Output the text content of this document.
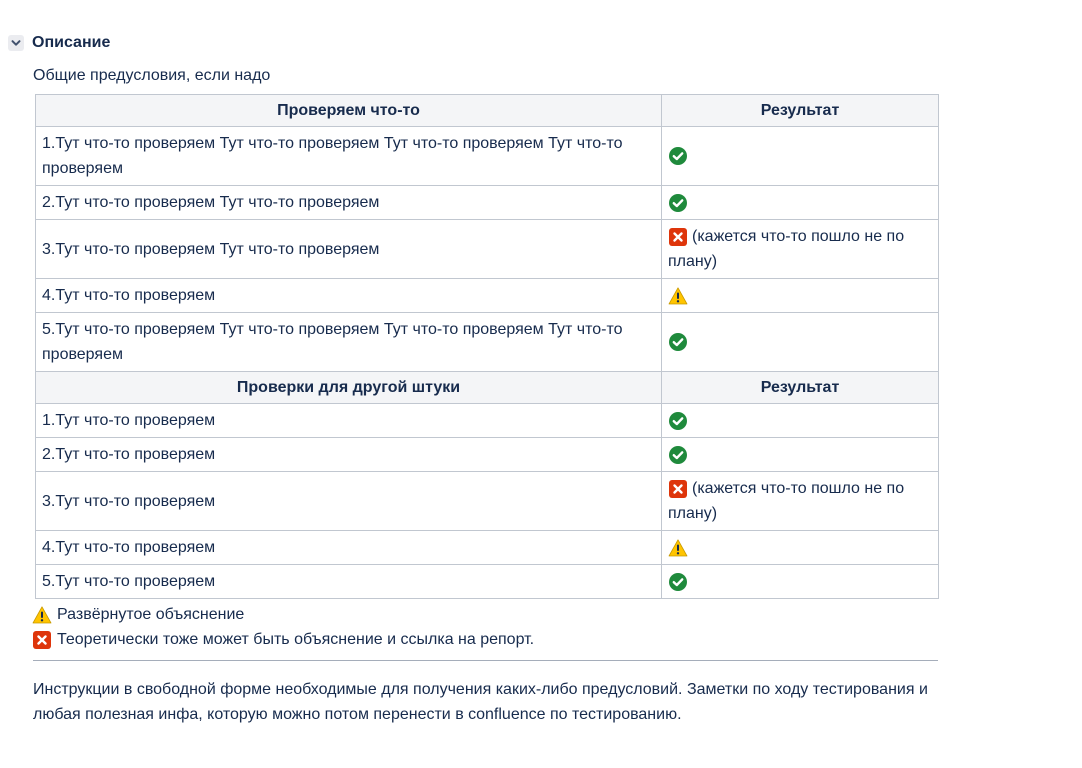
Описание
Общие предусловия, если надо
Проверяем что-то	Результат
1.Тут что-то проверяем Тут что-то проверяем Тут что-то проверяем Тут что-то проверяем	

2.Тут что-то проверяем Тут что-то проверяем	

3.Тут что-то проверяем Тут что-то проверяем	(кажется что-то пошло не по плану)
4.Тут что-то проверяем	

5.Тут что-то проверяем Тут что-то проверяем Тут что-то проверяем Тут что-то проверяем	

Проверки для другой штуки	Результат
1.Тут что-то проверяем	

2.Тут что-то проверяем	

3.Тут что-то проверяем	(кажется что-то пошло не по плану)
4.Тут что-то проверяем	

5.Тут что-то проверяем	
Развёрнутое объяснение
Теоретически тоже может быть объяснение и ссылка на репорт.
Инструкции в свободной форме необходимые для получения каких-либо предусловий. Заметки по ходу тестирования и любая полезная инфа, которую можно потом перенести в confluence по тестированию.
